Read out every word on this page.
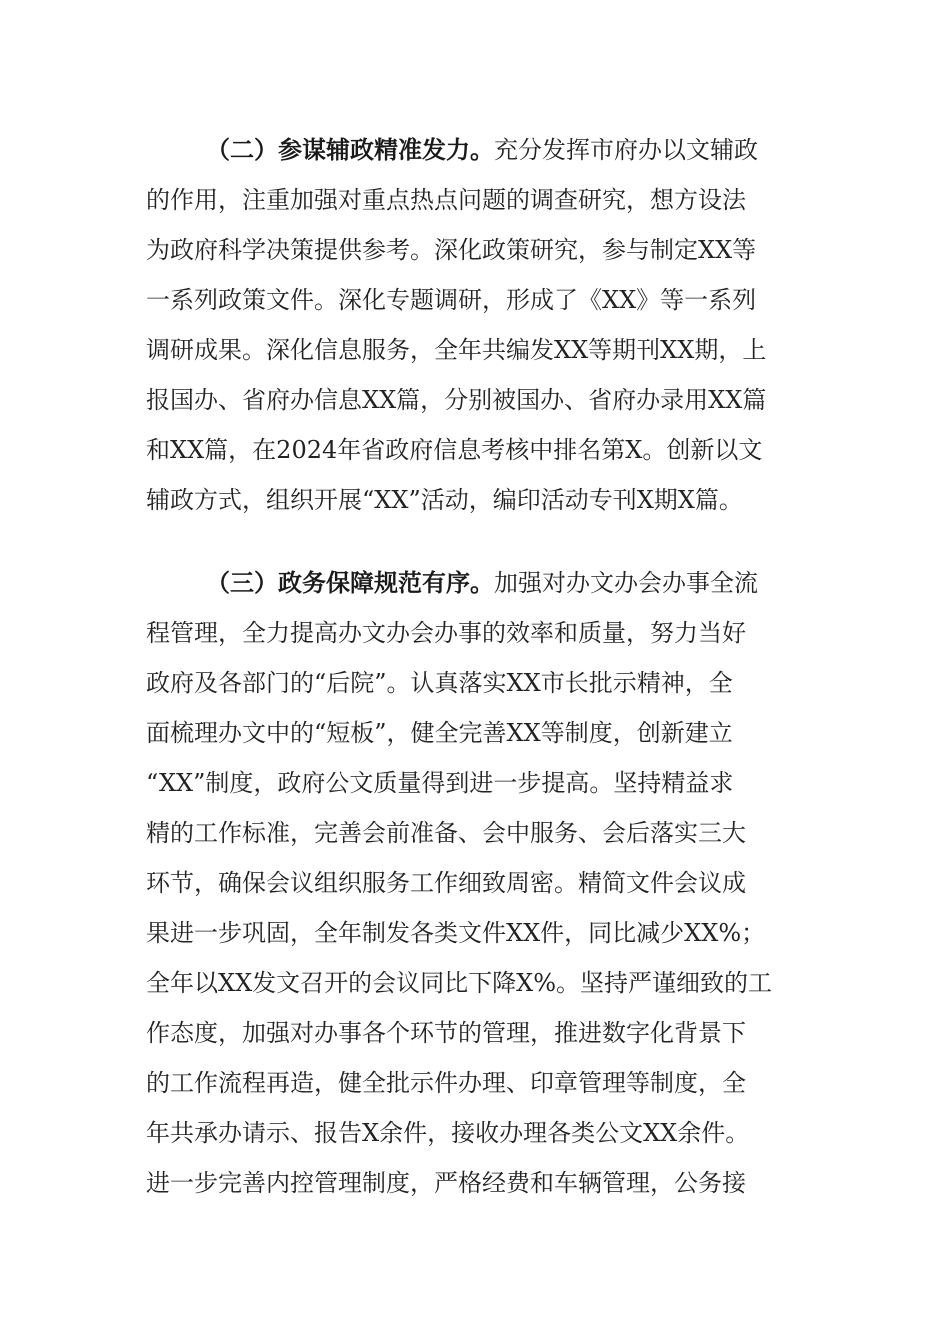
（二）参谋辅政精准发力。充分发挥市府办以文辅政
的作用，注重加强对重点热点问题的调查研究，想方设法
为政府科学决策提供参考。深化政策研究，参与制定XX等
一系列政策文件。深化专题调研，形成了《XX》等一系列
调研成果。深化信息服务，全年共编发XX等期刊XX期，上
报国办、省府办信息XX篇，分别被国办、省府办录用XX篇
和XX篇，在2024年省政府信息考核中排名第X。创新以文
辅政方式，组织开展“XX”活动，编印活动专刊X期X篇。
（三）政务保障规范有序。加强对办文办会办事全流
程管理，全力提高办文办会办事的效率和质量，努力当好
政府及各部门的“后院”。认真落实XX市长批示精神，全
面梳理办文中的“短板”，健全完善XX等制度，创新建立
“XX”制度，政府公文质量得到进一步提高。坚持精益求
精的工作标准，完善会前准备、会中服务、会后落实三大
环节，确保会议组织服务工作细致周密。精简文件会议成
果进一步巩固，全年制发各类文件XX件，同比减少XX%；
全年以XX发文召开的会议同比下降X%。坚持严谨细致的工
作态度，加强对办事各个环节的管理，推进数字化背景下
的工作流程再造，健全批示件办理、印章管理等制度，全
年共承办请示、报告X余件，接收办理各类公文XX余件。
进一步完善内控管理制度，严格经费和车辆管理，公务接
